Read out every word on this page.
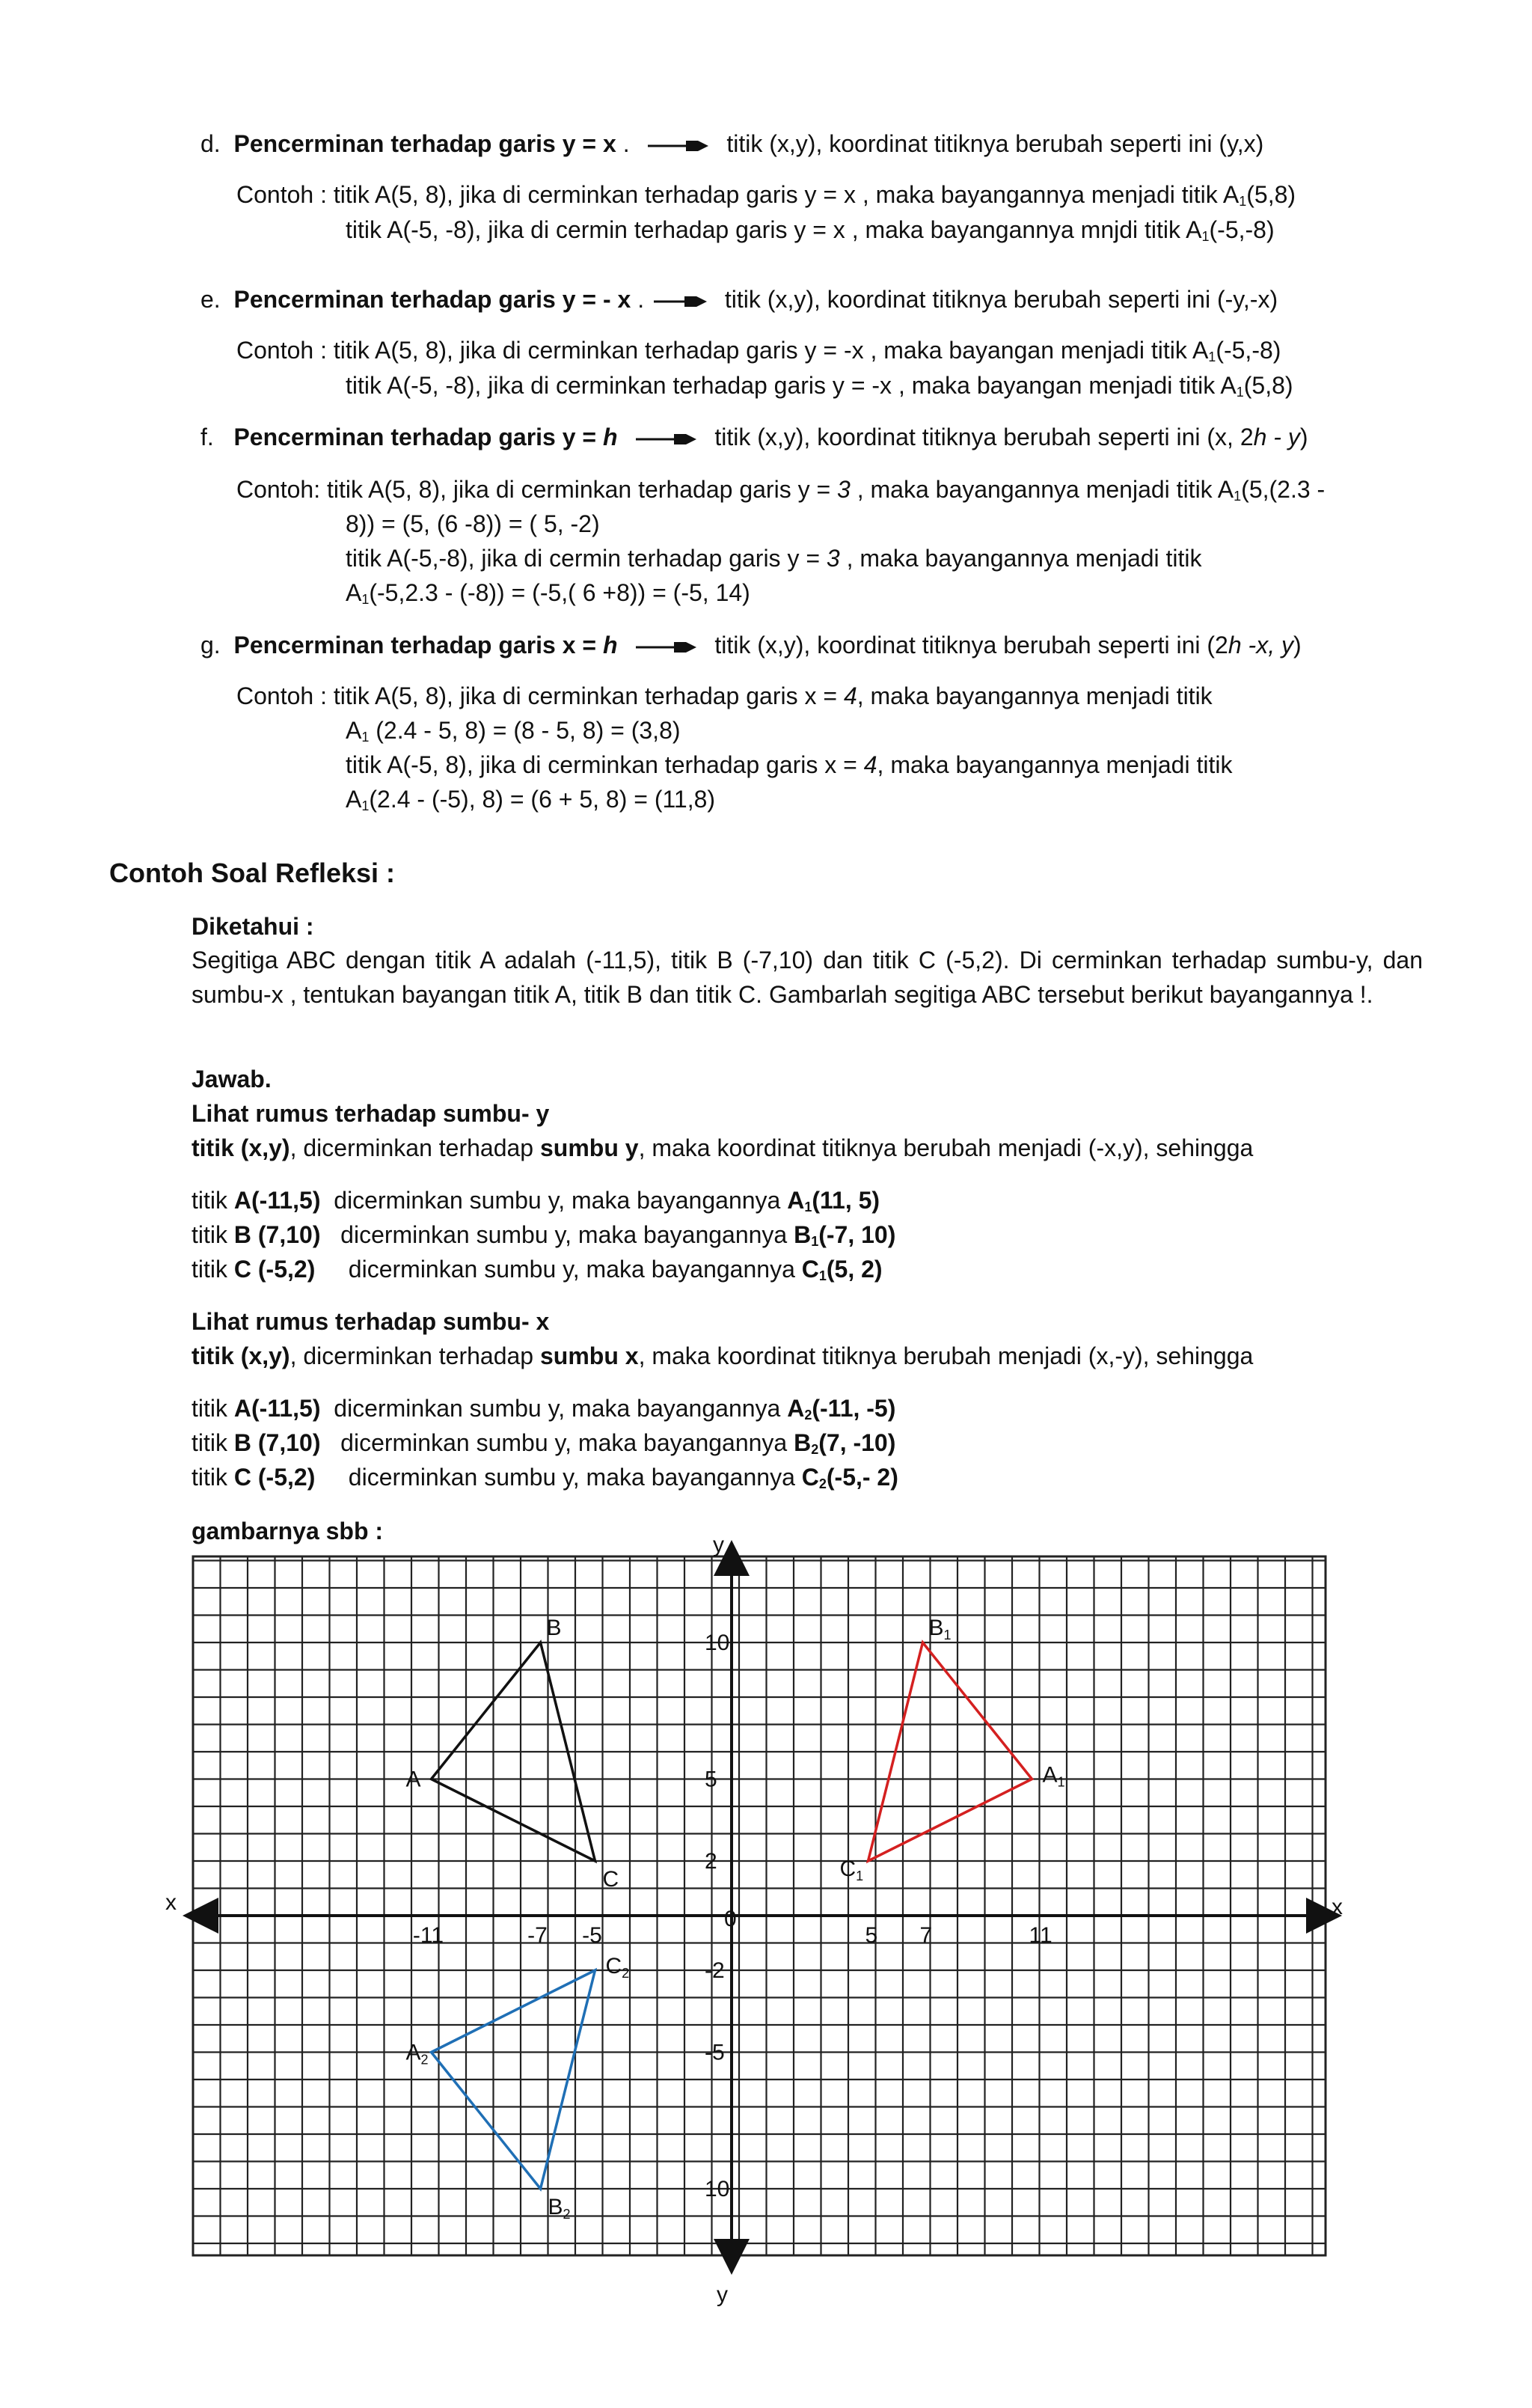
d. Pencerminan terhadap garis y = x .	titik (x,y), koordinat titiknya berubah seperti ini (y,x)
Contoh : titik A(5, 8), jika di cerminkan terhadap garis y = x , maka bayangannya menjadi titik $A_1(5,8)$
titik A(-5, -8), jika di cermin terhadap garis y = x , maka bayangannya mnjdi titik $A_1(-5,-8)$
e. Pencerminan terhadap garis y = - x .	titik (x,y), koordinat titiknya berubah seperti ini (-y,-x)
Contoh : titik A(5, 8), jika di cerminkan terhadap garis y = -x , maka bayangan menjadi titik $A_1(-5,-8)$
titik A(-5, -8), jika di cerminkan terhadap garis y = -x , maka bayangan menjadi titik $A_1(5,8)$
f. Pencerminan terhadap garis y = h	titik (x,y), koordinat titiknya berubah seperti ini (x, 2h - y)
Contoh: titik A(5, 8), jika di cerminkan terhadap garis y = 3 , maka bayangannya menjadi titik $A_1(5,(2.3$ -
8)) = (5, (6 -8)) = ( 5, -2)
titik A(-5,-8), jika di cermin terhadap garis y = 3 , maka bayangannya menjadi titik
$A_1(-5,2.3 - (-8)) = (-5$,( 6 +8)) = (-5, 14)
g. Pencerminan terhadap garis x = h	titik (x,y), koordinat titiknya berubah seperti ini (2h -x, y)
Contoh : titik A(5, 8), jika di cerminkan terhadap garis x = 4, maka bayangannya menjadi titik
$A_1$ (2.4 - 5, 8) = (8 - 5, 8) = (3,8)
titik A(-5, 8), jika di cerminkan terhadap garis x = 4, maka bayangannya menjadi titik
$A_1(2.4 - (-5)$, 8) = (6 + 5, 8) = (11,8)
Contoh Soal Refleksi :
Diketahui :
Segitiga ABC dengan titik A adalah (-11,5), titik B (-7,10) dan titik C (-5,2). Di cerminkan terhadap sumbu-y, dan sumbu-x , tentukan bayangan titik A, titik B dan titik C. Gambarlah segitiga ABC tersebut berikut bayangannya !.
Jawab.
Lihat rumus terhadap sumbu- y
titik (x,y), dicerminkan terhadap sumbu y, maka koordinat titiknya berubah menjadi (-x,y), sehingga
titik A(-11,5)  dicerminkan sumbu y, maka bayangannya $A_1(11$, 5)
titik B (7,10)   dicerminkan sumbu y, maka bayangannya $B_1(-7$, 10)
titik C (-5,2)     dicerminkan sumbu y, maka bayangannya $C_1(5$, 2)
Lihat rumus terhadap sumbu- x
titik (x,y), dicerminkan terhadap sumbu x, maka koordinat titiknya berubah menjadi (x,-y), sehingga
titik A(-11,5)  dicerminkan sumbu y, maka bayangannya $A_2(-11$, -5)
titik B (7,10)   dicerminkan sumbu y, maka bayangannya $B_2(7$, -10)
titik C (-5,2)     dicerminkan sumbu y, maka bayangannya $C_2(-5,-$ 2)
gambarnya sbb :
x	x
y
y
0
-11	-7 -5	5 7	11
10
5
2
-2
-5
10
A
B
C
$A_1$
$B_1$
$C_1$
$A_2$
$B_2$
$C_2$
